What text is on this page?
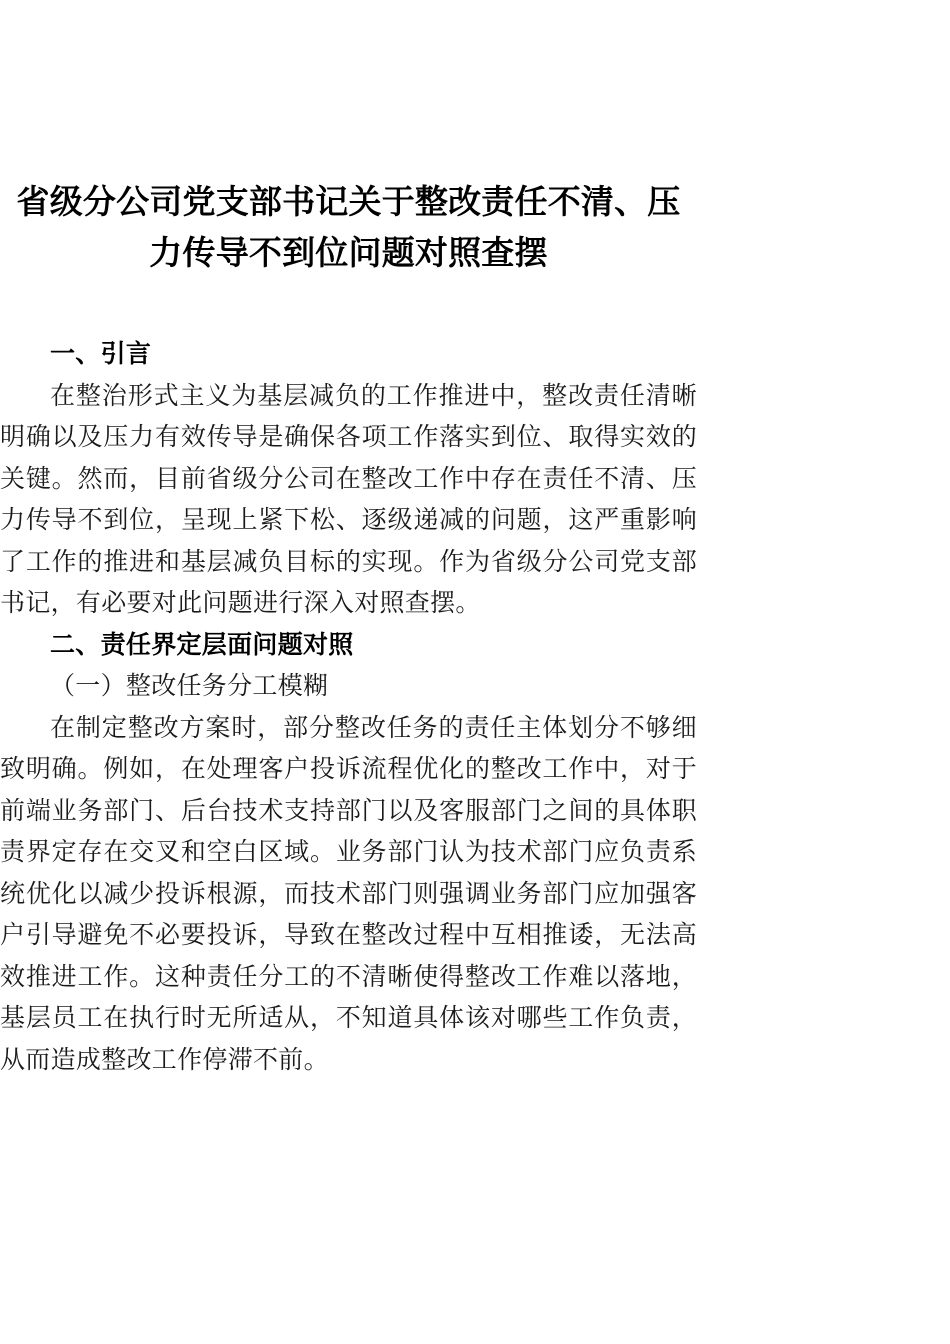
省级分公司党支部书记关于整改责任不清、压力传导不到位问题对照查摆
一、引言

在整治形式主义为基层减负的工作推进中，整改责任清晰明确以及压力有效传导是确保各项工作落实到位、取得实效的关键。然而，目前省级分公司在整改工作中存在责任不清、压力传导不到位，呈现上紧下松、逐级递减的问题，这严重影响了工作的推进和基层减负目标的实现。作为省级分公司党支部书记，有必要对此问题进行深入对照查摆。

二、责任界定层面问题对照

（一）整改任务分工模糊

在制定整改方案时，部分整改任务的责任主体划分不够细致明确。例如，在处理客户投诉流程优化的整改工作中，对于前端业务部门、后台技术支持部门以及客服部门之间的具体职责界定存在交叉和空白区域。业务部门认为技术部门应负责系统优化以减少投诉根源，而技术部门则强调业务部门应加强客户引导避免不必要投诉，导致在整改过程中互相推诿，无法高效推进工作。这种责任分工的不清晰使得整改工作难以落地，基层员工在执行时无所适从，不知道具体该对哪些工作负责，从而造成整改工作停滞不前。
